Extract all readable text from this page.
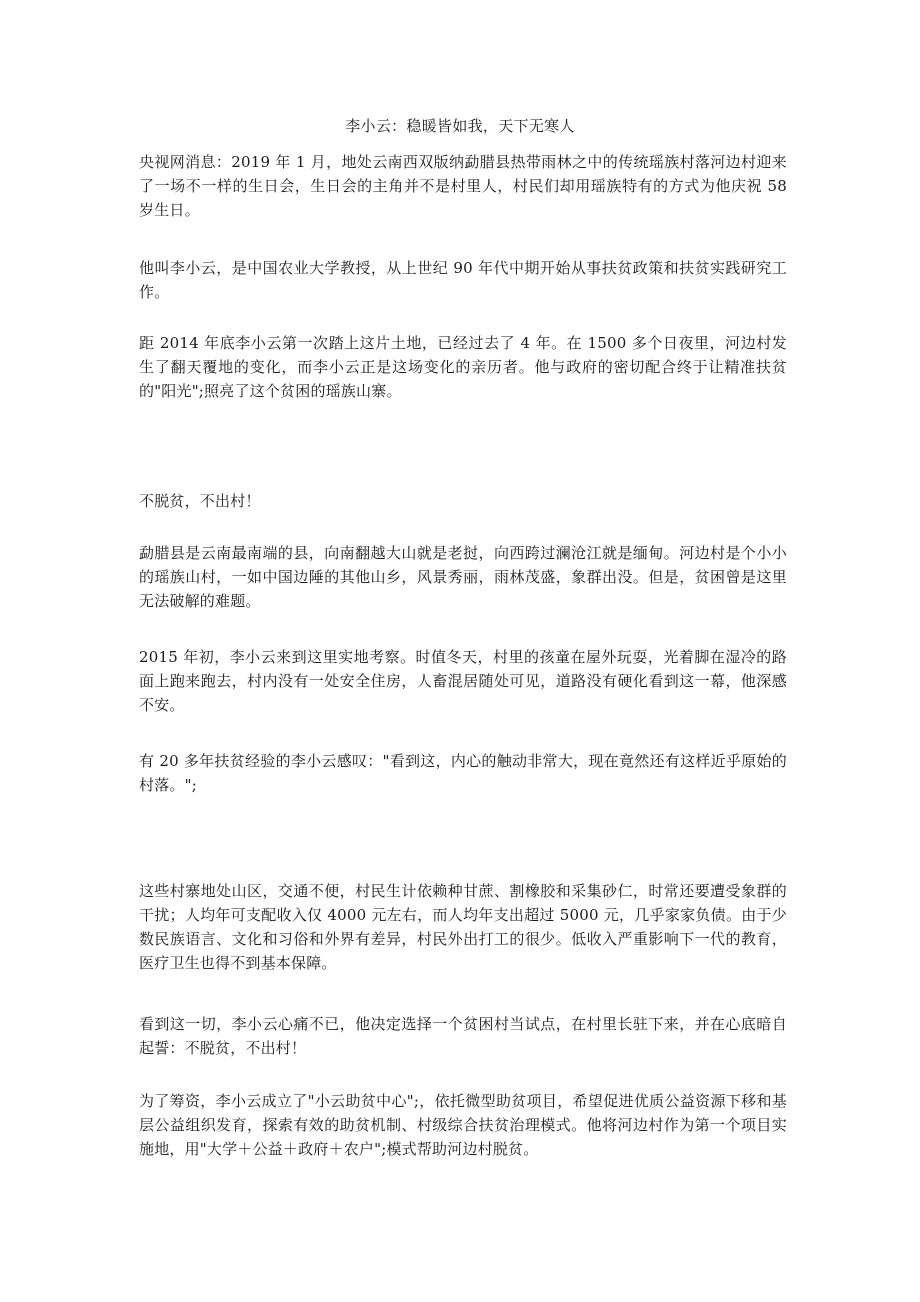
李小云：稳暖皆如我，天下无寒人

央视网消息：2019 年 1 月，地处云南西双版纳勐腊县热带雨林之中的传统瑶族村落河边村迎来了一场不一样的生日会，生日会的主角并不是村里人，村民们却用瑶族特有的方式为他庆祝 58 岁生日。

他叫李小云，是中国农业大学教授，从上世纪 90 年代中期开始从事扶贫政策和扶贫实践研究工作。

距 2014 年底李小云第一次踏上这片土地，已经过去了 4 年。在 1500 多个日夜里，河边村发生了翻天覆地的变化，而李小云正是这场变化的亲历者。他与政府的密切配合终于让精准扶贫的"阳光";照亮了这个贫困的瑶族山寨。

不脱贫，不出村！

勐腊县是云南最南端的县，向南翻越大山就是老挝，向西跨过澜沧江就是缅甸。河边村是个小小的瑶族山村，一如中国边陲的其他山乡，风景秀丽，雨林茂盛，象群出没。但是，贫困曾是这里无法破解的难题。

2015 年初，李小云来到这里实地考察。时值冬天，村里的孩童在屋外玩耍，光着脚在湿冷的路面上跑来跑去，村内没有一处安全住房，人畜混居随处可见，道路没有硬化看到这一幕，他深感不安。

有 20 多年扶贫经验的李小云感叹："看到这，内心的触动非常大，现在竟然还有这样近乎原始的村落。";

这些村寨地处山区，交通不便，村民生计依赖种甘蔗、割橡胶和采集砂仁，时常还要遭受象群的干扰；人均年可支配收入仅 4000 元左右，而人均年支出超过 5000 元，几乎家家负债。由于少数民族语言、文化和习俗和外界有差异，村民外出打工的很少。低收入严重影响下一代的教育，医疗卫生也得不到基本保障。

看到这一切，李小云心痛不已，他决定选择一个贫困村当试点，在村里长驻下来，并在心底暗自起誓：不脱贫，不出村！

为了筹资，李小云成立了"小云助贫中心";，依托微型助贫项目，希望促进优质公益资源下移和基层公益组织发育，探索有效的助贫机制、村级综合扶贫治理模式。他将河边村作为第一个项目实施地，用"大学＋公益＋政府＋农户";模式帮助河边村脱贫。
